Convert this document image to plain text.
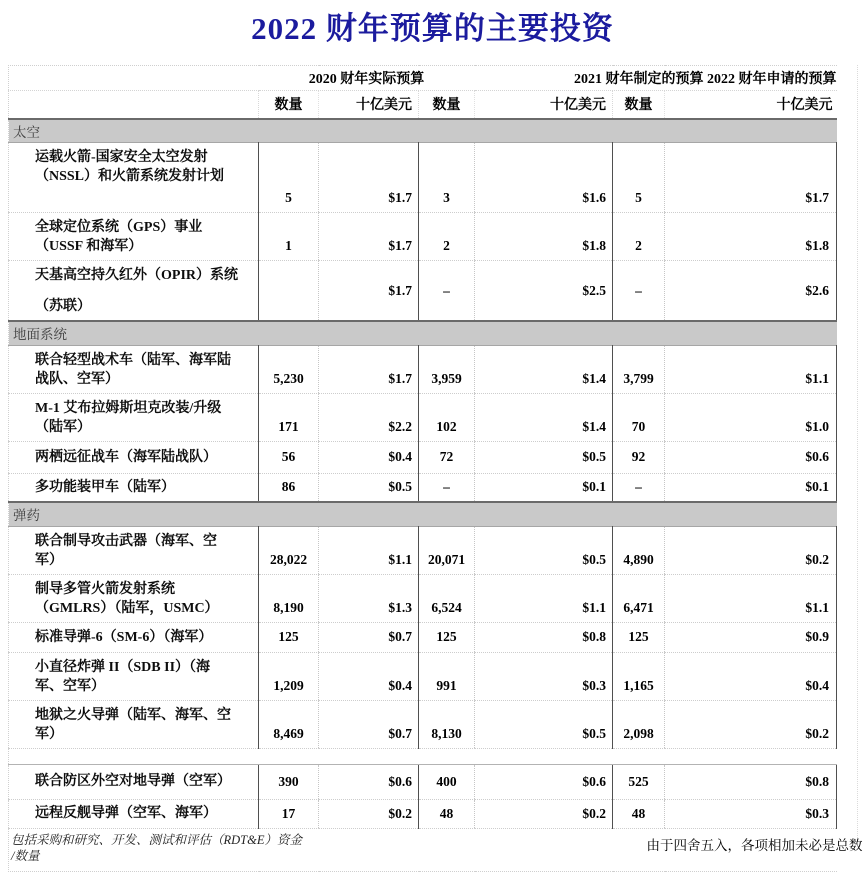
2022 财年预算的主要投资
	2020 财年实际预算			2021 财年制定的预算 2022 财年申请的预算		
	数量	十亿美元	数量	十亿美元	数量	十亿美元
太空						
运载火箭-国家安全太空发射
（NSSL）和火箭系统发射计划	5	$1.7	3	$1.6	5	$1.7
全球定位系统（GPS）事业
（USSF 和海军）	1	$1.7	2	$1.8	2	$1.8

天基高空持久红外（OPIR）系统
（苏联）		$1.7	–	$2.5	–	$2.6
地面系统						
联合轻型战术车（陆军、海军陆
战队、空军）	5,230	$1.7	3,959	$1.4	3,799	$1.1
M-1 艾布拉姆斯坦克改装/升级
（陆军）	171	$2.2	102	$1.4	70	$1.0
两栖远征战车（海军陆战队）	56	$0.4	72	$0.5	92	$0.6
多功能装甲车（陆军）	86	$0.5	–	$0.1	–	$0.1
弹药						
联合制导攻击武器（海军、空
军）	28,022	$1.1	20,071	$0.5	4,890	$0.2
制导多管火箭发射系统
（GMLRS）（陆军，USMC）	8,190	$1.3	6,524	$1.1	6,471	$1.1
标准导弹-6（SM-6）（海军）	125	$0.7	125	$0.8	125	$0.9
小直径炸弹 II（SDB II）（海
军、空军）	1,209	$0.4	991	$0.3	1,165	$0.4
地狱之火导弹（陆军、海军、空
军）	8,469	$0.7	8,130	$0.5	2,098	$0.2

联合防区外空对地导弹（空军）	390	$0.6	400	$0.6	525	$0.8
远程反舰导弹（空军、海军）	17	$0.2	48	$0.2	48	$0.3

包括采购和研究、开发、测试和评估（RDT&E）资金
/数量		由于四舍五入，各项相加未必是总数				
